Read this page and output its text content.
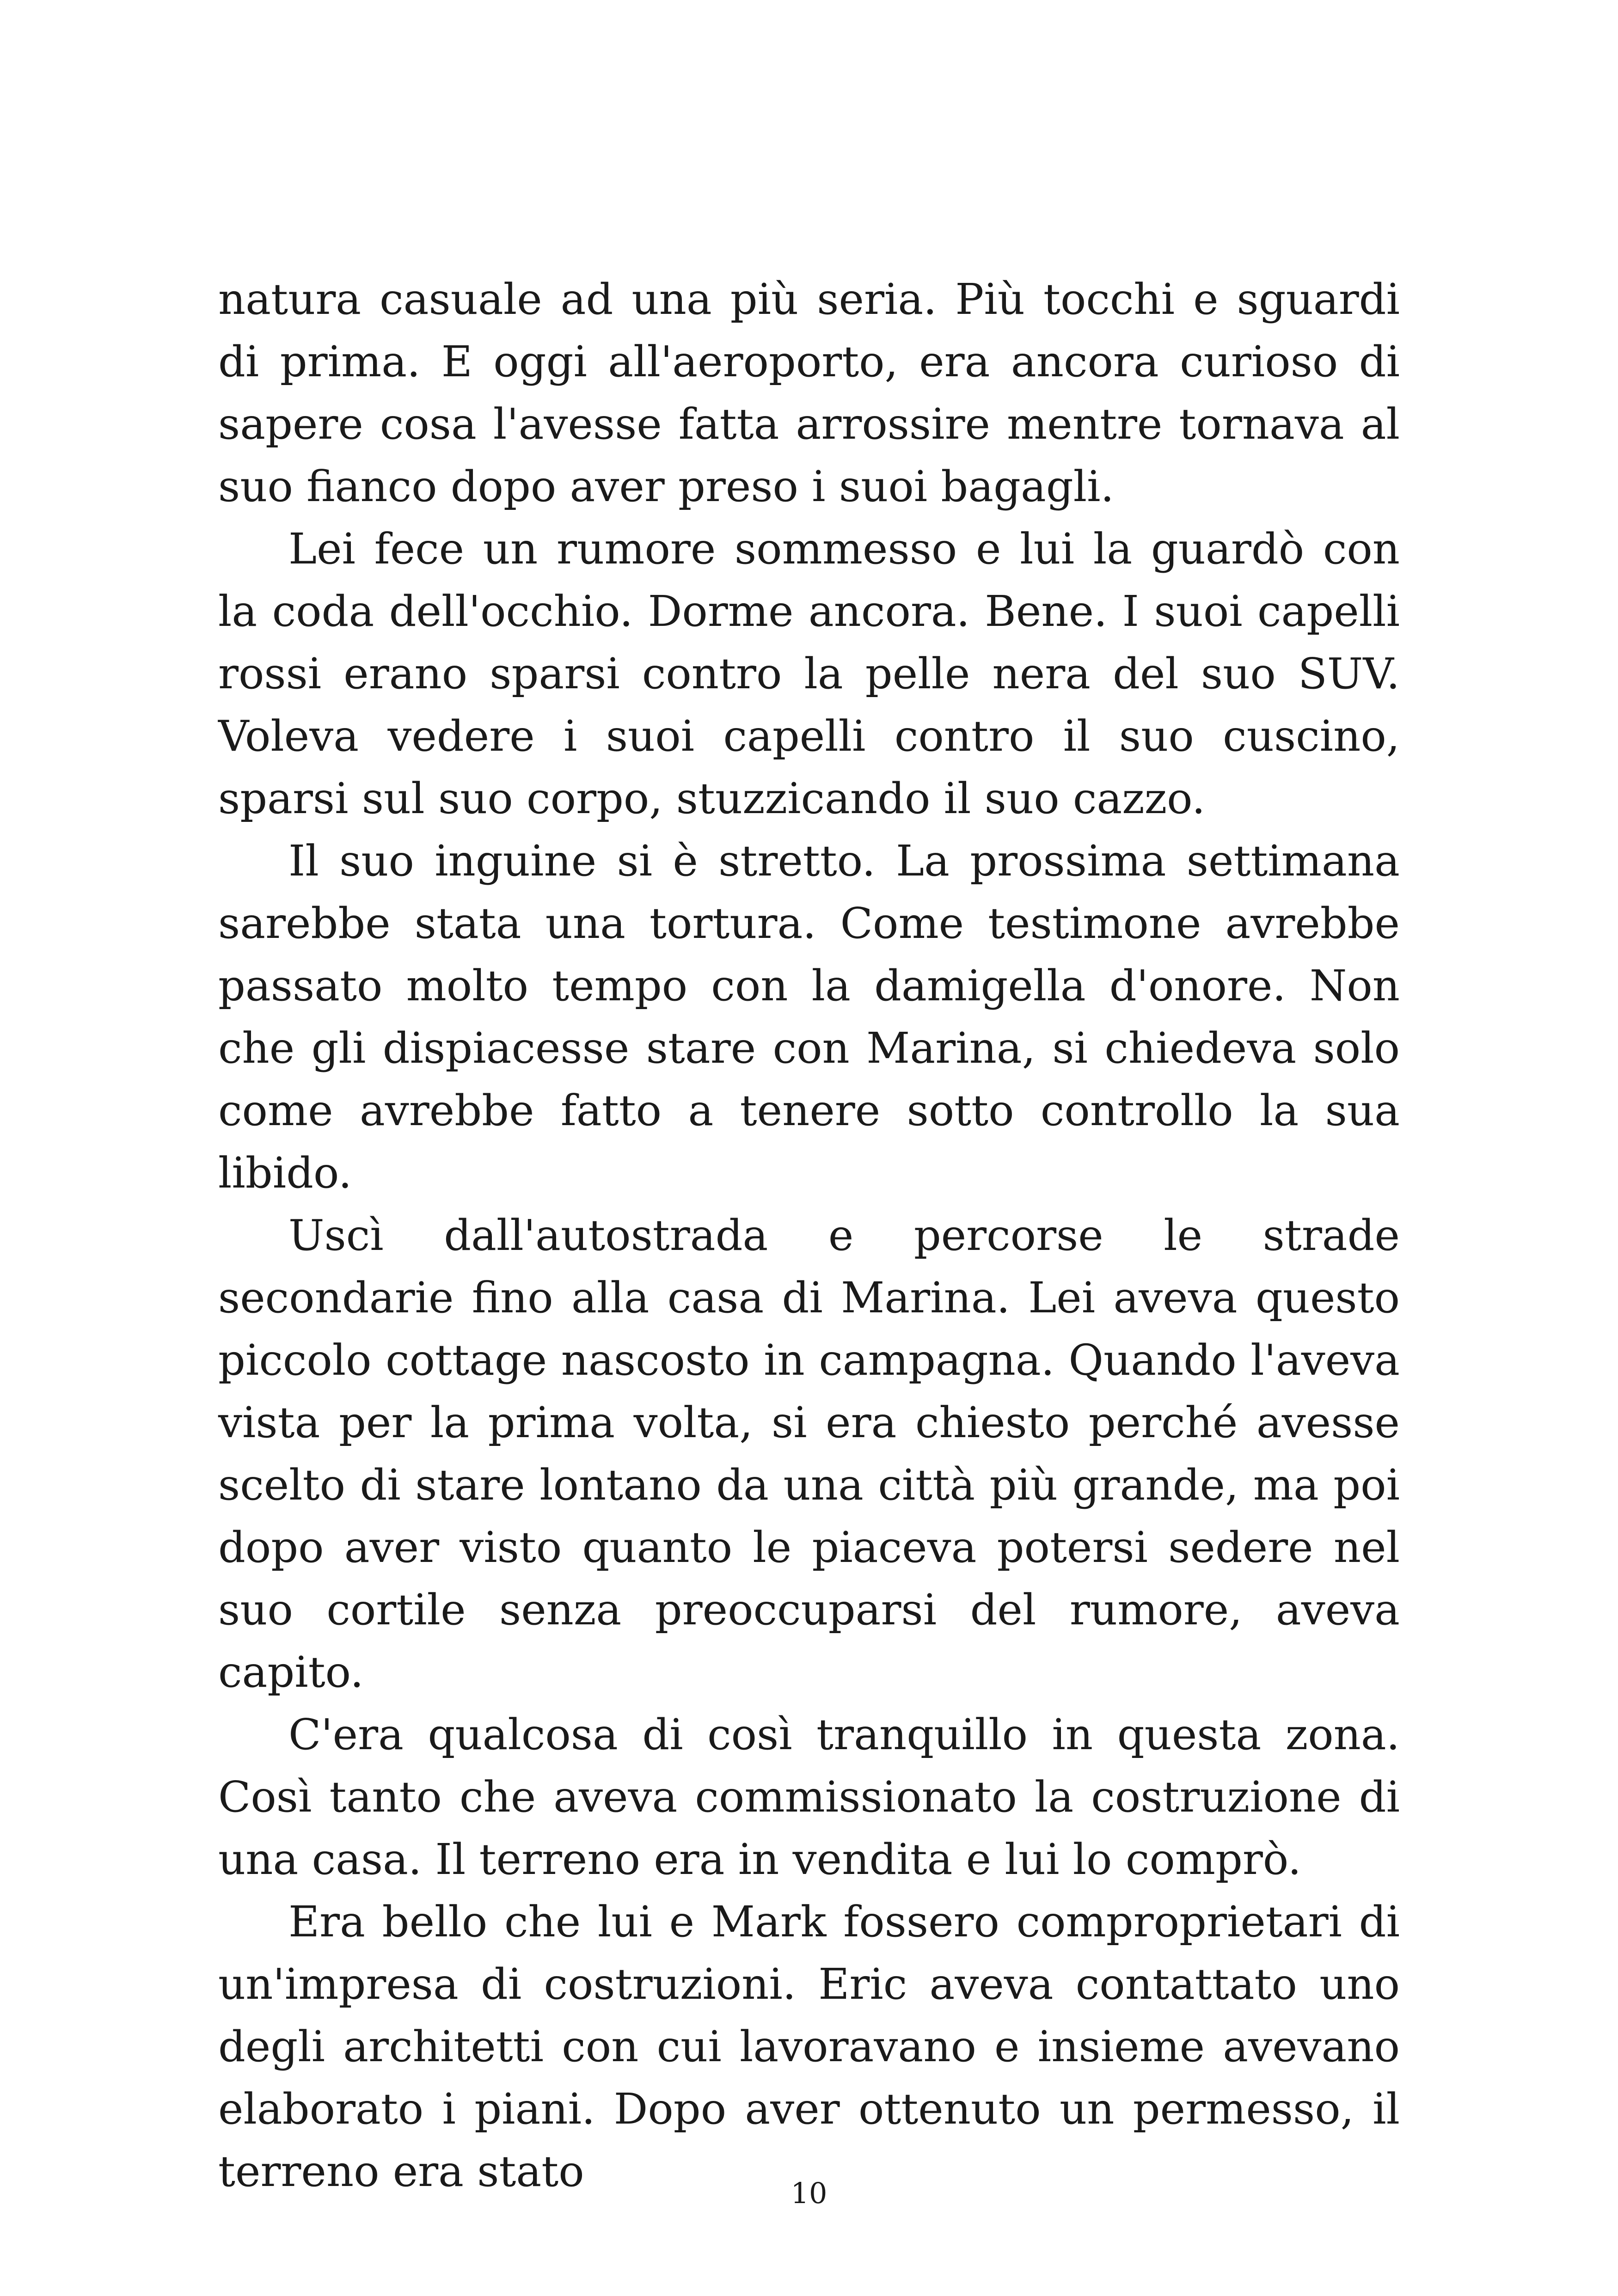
natura casuale ad una più seria. Più tocchi e sguardi di prima. E oggi all'aeroporto, era ancora curioso di sapere cosa l'avesse fatta arrossire mentre tornava al suo fianco dopo aver preso i suoi bagagli.

Lei fece un rumore sommesso e lui la guardò con la coda dell'occhio. Dorme ancora. Bene. I suoi capelli rossi erano sparsi contro la pelle nera del suo SUV. Voleva vedere i suoi capelli contro il suo cuscino, sparsi sul suo corpo, stuzzicando il suo cazzo.

Il suo inguine si è stretto. La prossima settimana sarebbe stata una tortura. Come testimone avrebbe passato molto tempo con la damigella d'onore. Non che gli dispiacesse stare con Marina, si chiedeva solo come avrebbe fatto a tenere sotto controllo la sua libido.

Uscì dall'autostrada e percorse le strade secondarie fino alla casa di Marina. Lei aveva questo piccolo cottage nascosto in campagna. Quando l'aveva vista per la prima volta, si era chiesto perché avesse scelto di stare lontano da una città più grande, ma poi dopo aver visto quanto le piaceva potersi sedere nel suo cortile senza preoccuparsi del rumore, aveva capito.

C'era qualcosa di così tranquillo in questa zona. Così tanto che aveva commissionato la costruzione di una casa. Il terreno era in vendita e lui lo comprò.

Era bello che lui e Mark fossero comproprietari di un'impresa di costruzioni. Eric aveva contattato uno degli architetti con cui lavoravano e insieme avevano elaborato i piani. Dopo aver ottenuto un permesso, il terreno era stato	10
